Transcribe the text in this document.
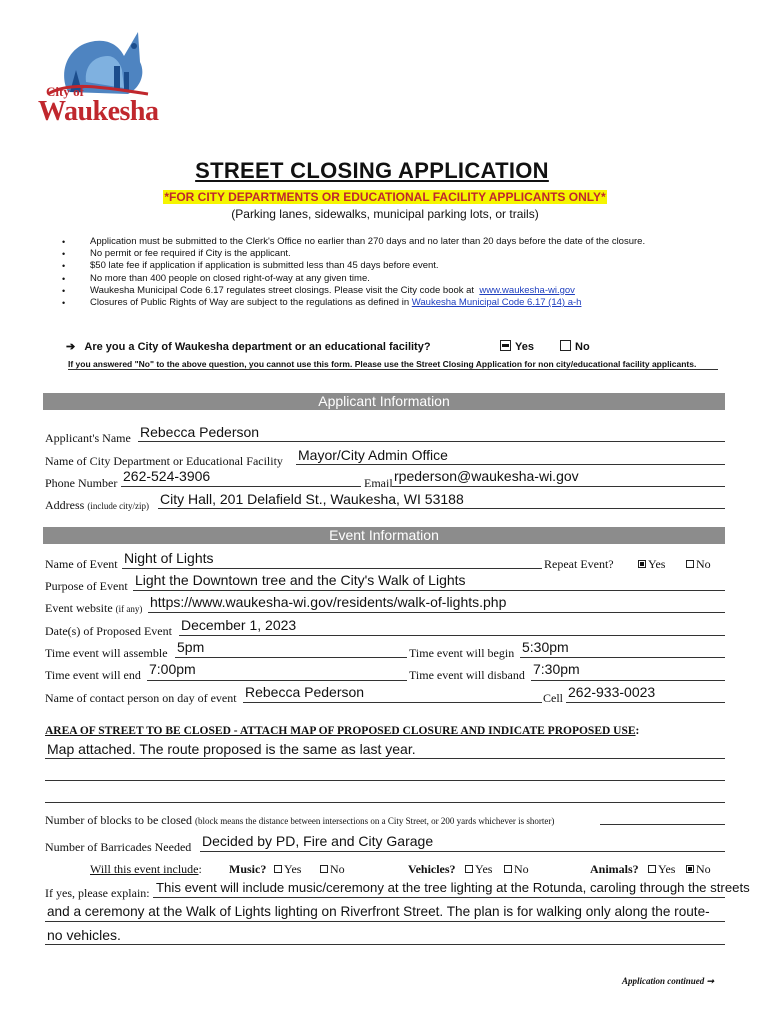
City of
Waukesha
STREET CLOSING APPLICATION
*FOR CITY DEPARTMENTS OR EDUCATIONAL FACILITY APPLICANTS ONLY*
(Parking lanes, sidewalks, municipal parking lots, or trails)
• Application must be submitted to the Clerk's Office no earlier than 270 days and no later than 20 days before the date of the closure.
• No permit or fee required if City is the applicant.
• $50 late fee if application if application is submitted less than 45 days before event.
• No more than 400 people on closed right-of-way at any given time.
• Waukesha Municipal Code 6.17 regulates street closings. Please visit the City code book at www.waukesha-wi.gov
• Closures of Public Rights of Way are subject to the regulations as defined in Waukesha Municipal Code 6.17 (14) a-h
➔ Are you a City of Waukesha department or an educational facility?	Yes	No
If you answered "No" to the above question, you cannot use this form. Please use the Street Closing Application for non city/educational facility applicants.
Applicant Information
Applicant's Name Rebecca Pederson
Name of City Department or Educational Facility Mayor/City Admin Office
Phone Number 262-524-3906	Email rpederson@waukesha-wi.gov
Address (include city/zip) City Hall, 201 Delafield St., Waukesha, WI 53188
Event Information
Name of Event Night of Lights	Repeat Event?	Yes	No
Purpose of Event Light the Downtown tree and the City's Walk of Lights
Event website (if any) https://www.waukesha-wi.gov/residents/walk-of-lights.php
Date(s) of Proposed Event December 1, 2023
Time event will assemble 5pm	Time event will begin 5:30pm
Time event will end 7:00pm	Time event will disband 7:30pm
Name of contact person on day of event Rebecca Pederson	Cell 262-933-0023
AREA OF STREET TO BE CLOSED - ATTACH MAP OF PROPOSED CLOSURE AND INDICATE PROPOSED USE:
Map attached. The route proposed is the same as last year.
Number of blocks to be closed (block means the distance between intersections on a City Street, or 200 yards whichever is shorter)
Number of Barricades Needed Decided by PD, Fire and City Garage
Will this event include: Music?	Yes	No	Vehicles?	Yes	No	Animals?	Yes	No
If yes, please explain: This event will include music/ceremony at the tree lighting at the Rotunda, caroling through the streets
and a ceremony at the Walk of Lights lighting on Riverfront Street. The plan is for walking only along the route-
no vehicles.
Application continued ➞
